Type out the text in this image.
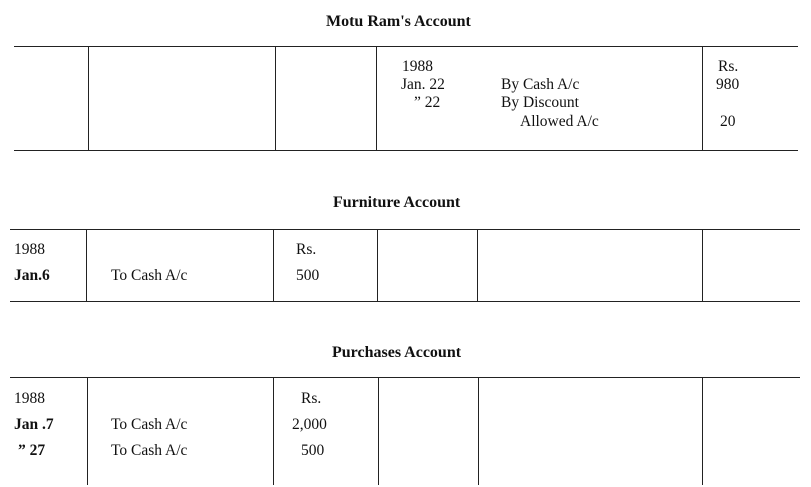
Motu Ram's Account
1988
Jan. 22
” 22
By Cash A/c
By Discount
Allowed A/c
Rs.
980
20
Furniture Account
1988
Jan.6	To Cash A/c
Rs.
500
Purchases Account
1988
Jan .7
” 27
To Cash A/c
To Cash A/c
Rs.
2,000
500
